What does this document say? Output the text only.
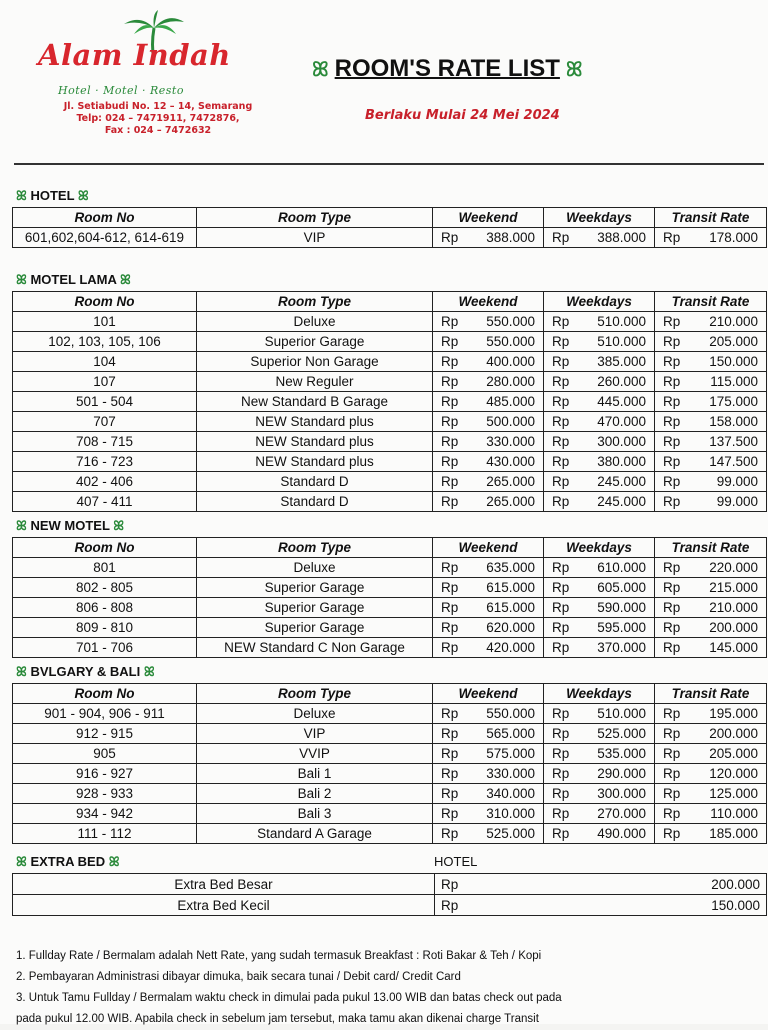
Alam Indah
Hotel · Motel · Resto
Jl. Setiabudi No. 12 – 14, Semarang
Telp: 024 – 7471911, 7472876,
Fax : 024 – 7472632
ꕤ ROOM'S RATE LIST ꕤ
Berlaku Mulai 24 Mei 2024
ꕤ HOTEL ꕤ
Room No	Room Type	Weekend	Weekdays	Transit Rate
601,602,604-612, 614-619	VIP	Rp 388.000	Rp 388.000	Rp 178.000
ꕤ MOTEL LAMA ꕤ
Room No	Room Type	Weekend	Weekdays	Transit Rate
101	Deluxe	Rp 550.000	Rp 510.000	Rp 210.000

102, 103, 105, 106	Superior Garage	Rp 550.000	Rp 510.000	Rp 205.000

104	Superior Non Garage	Rp 400.000	Rp 385.000	Rp 150.000

107	New Reguler	Rp 280.000	Rp 260.000	Rp 115.000

501 - 504	New Standard B Garage	Rp 485.000	Rp 445.000	Rp 175.000

707	NEW Standard plus	Rp 500.000	Rp 470.000	Rp 158.000

708 - 715	NEW Standard plus	Rp 330.000	Rp 300.000	Rp 137.500

716 - 723	NEW Standard plus	Rp 430.000	Rp 380.000	Rp 147.500

402 - 406	Standard D	Rp 265.000	Rp 245.000	Rp 99.000

407 - 411	Standard D	Rp 265.000	Rp 245.000	Rp 99.000
ꕤ NEW MOTEL ꕤ
Room No	Room Type	Weekend	Weekdays	Transit Rate
801	Deluxe	Rp 635.000	Rp 610.000	Rp 220.000

802 - 805	Superior Garage	Rp 615.000	Rp 605.000	Rp 215.000

806 - 808	Superior Garage	Rp 615.000	Rp 590.000	Rp 210.000

809 - 810	Superior Garage	Rp 620.000	Rp 595.000	Rp 200.000

701 - 706	NEW Standard C Non Garage	Rp 420.000	Rp 370.000	Rp 145.000
ꕤ BVLGARY & BALI ꕤ
Room No	Room Type	Weekend	Weekdays	Transit Rate
901 - 904, 906 - 911	Deluxe	Rp 550.000	Rp 510.000	Rp 195.000

912 - 915	VIP	Rp 565.000	Rp 525.000	Rp 200.000

905	VVIP	Rp 575.000	Rp 535.000	Rp 205.000

916 - 927	Bali 1	Rp 330.000	Rp 290.000	Rp 120.000

928 - 933	Bali 2	Rp 340.000	Rp 300.000	Rp 125.000

934 - 942	Bali 3	Rp 310.000	Rp 270.000	Rp 110.000

111 - 112	Standard A Garage	Rp 525.000	Rp 490.000	Rp 185.000
ꕤ EXTRA BED ꕤ	HOTEL
Extra Bed Besar	Rp 200.000

Extra Bed Kecil	Rp 150.000
1. Fullday Rate / Bermalam adalah Nett Rate, yang sudah termasuk Breakfast : Roti Bakar & Teh / Kopi
2. Pembayaran Administrasi dibayar dimuka, baik secara tunai / Debit card/ Credit Card
3. Untuk Tamu Fullday / Bermalam waktu check in dimulai pada pukul 13.00 WIB dan batas check out pada
pada pukul 12.00 WIB. Apabila check in sebelum jam tersebut, maka tamu akan dikenai charge Transit
